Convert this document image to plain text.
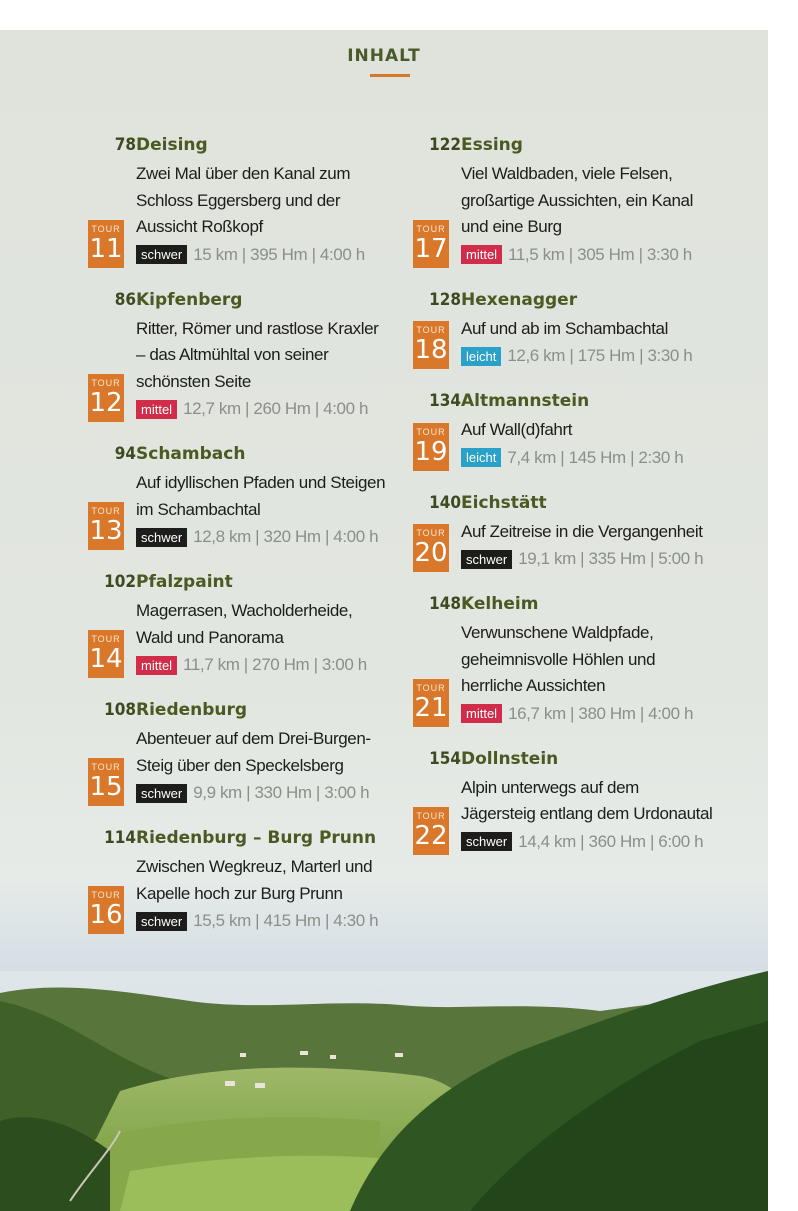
INHALT
78 Deising
TOUR
11
Zwei Mal über den Kanal zum Schloss Eggersberg und der Aussicht Roßkopf
schwer 15 km | 395 Hm | 4:00 h
86 Kipfenberg
TOUR
12
Ritter, Römer und rastlose Kraxler – das Altmühltal von seiner schönsten Seite
mittel 12,7 km | 260 Hm | 4:00 h
94 Schambach
TOUR
13
Auf idyllischen Pfaden und Steigen im Schambachtal
schwer 12,8 km | 320 Hm | 4:00 h
102 Pfalzpaint
TOUR
14
Magerrasen, Wacholderheide, Wald und Panorama
mittel 11,7 km | 270 Hm | 3:00 h
108 Riedenburg
TOUR
15
Abenteuer auf dem Drei-Burgen-Steig über den Speckelsberg
schwer 9,9 km | 330 Hm | 3:00 h
114 Riedenburg – Burg Prunn
TOUR
16
Zwischen Wegkreuz, Marterl und Kapelle hoch zur Burg Prunn
schwer 15,5 km | 415 Hm | 4:30 h
122 Essing
TOUR
17
Viel Waldbaden, viele Felsen, großartige Aussichten, ein Kanal und eine Burg
mittel 11,5 km | 305 Hm | 3:30 h
128 Hexenagger
TOUR
18
Auf und ab im Schambachtal
leicht 12,6 km | 175 Hm | 3:30 h
134 Altmannstein
TOUR
19
Auf Wall(d)fahrt
leicht 7,4 km | 145 Hm | 2:30 h
140 Eichstätt
TOUR
20
Auf Zeitreise in die Vergangenheit
schwer 19,1 km | 335 Hm | 5:00 h
148 Kelheim
TOUR
21
Verwunschene Waldpfade, geheimnisvolle Höhlen und herrliche Aussichten
mittel 16,7 km | 380 Hm | 4:00 h
154 Dollnstein
TOUR
22
Alpin unterwegs auf dem Jägersteig entlang dem Urdonautal
schwer 14,4 km | 360 Hm | 6:00 h
